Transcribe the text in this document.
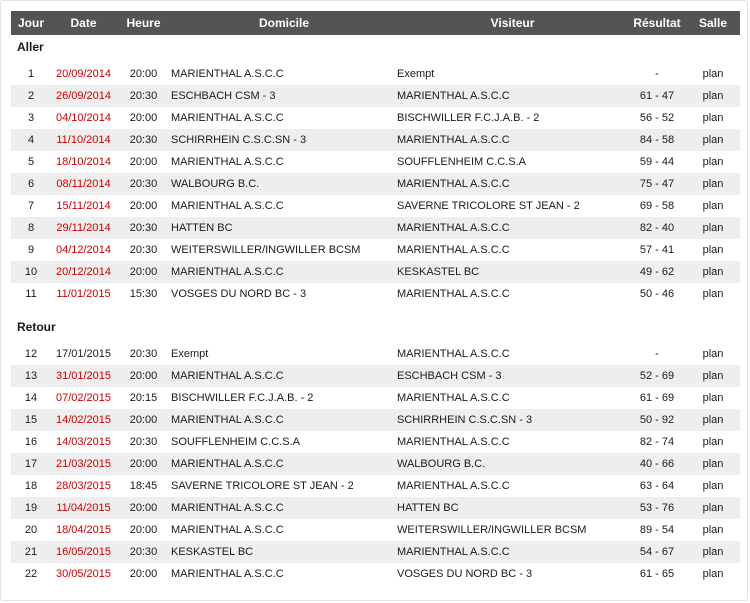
Jour	Date	Heure	Domicile	Visiteur	Résultat	Salle
Aller						

1	20/09/2014	20:00	MARIENTHAL A.S.C.C	Exempt	-	plan
2	26/09/2014	20:30	ESCHBACH CSM - 3	MARIENTHAL A.S.C.C	61 - 47	plan
3	04/10/2014	20:00	MARIENTHAL A.S.C.C	BISCHWILLER F.C.J.A.B. - 2	56 - 52	plan
4	11/10/2014	20:30	SCHIRRHEIN C.S.C.SN - 3	MARIENTHAL A.S.C.C	84 - 58	plan
5	18/10/2014	20:00	MARIENTHAL A.S.C.C	SOUFFLENHEIM C.C.S.A	59 - 44	plan
6	08/11/2014	20:30	WALBOURG B.C.	MARIENTHAL A.S.C.C	75 - 47	plan
7	15/11/2014	20:00	MARIENTHAL A.S.C.C	SAVERNE TRICOLORE ST JEAN - 2	69 - 58	plan
8	29/11/2014	20:30	HATTEN BC	MARIENTHAL A.S.C.C	82 - 40	plan
9	04/12/2014	20:30	WEITERSWILLER/INGWILLER BCSM	MARIENTHAL A.S.C.C	57 - 41	plan
10	20/12/2014	20:00	MARIENTHAL A.S.C.C	KESKASTEL BC	49 - 62	plan
11	11/01/2015	15:30	VOSGES DU NORD BC - 3	MARIENTHAL A.S.C.C	50 - 46	plan

Retour						

12	17/01/2015	20:30	Exempt	MARIENTHAL A.S.C.C	-	plan
13	31/01/2015	20:00	MARIENTHAL A.S.C.C	ESCHBACH CSM - 3	52 - 69	plan
14	07/02/2015	20:15	BISCHWILLER F.C.J.A.B. - 2	MARIENTHAL A.S.C.C	61 - 69	plan
15	14/02/2015	20:00	MARIENTHAL A.S.C.C	SCHIRRHEIN C.S.C.SN - 3	50 - 92	plan
16	14/03/2015	20:30	SOUFFLENHEIM C.C.S.A	MARIENTHAL A.S.C.C	82 - 74	plan
17	21/03/2015	20:00	MARIENTHAL A.S.C.C	WALBOURG B.C.	40 - 66	plan
18	28/03/2015	18:45	SAVERNE TRICOLORE ST JEAN - 2	MARIENTHAL A.S.C.C	63 - 64	plan
19	11/04/2015	20:00	MARIENTHAL A.S.C.C	HATTEN BC	53 - 76	plan
20	18/04/2015	20:00	MARIENTHAL A.S.C.C	WEITERSWILLER/INGWILLER BCSM	89 - 54	plan
21	16/05/2015	20:30	KESKASTEL BC	MARIENTHAL A.S.C.C	54 - 67	plan
22	30/05/2015	20:00	MARIENTHAL A.S.C.C	VOSGES DU NORD BC - 3	61 - 65	plan
